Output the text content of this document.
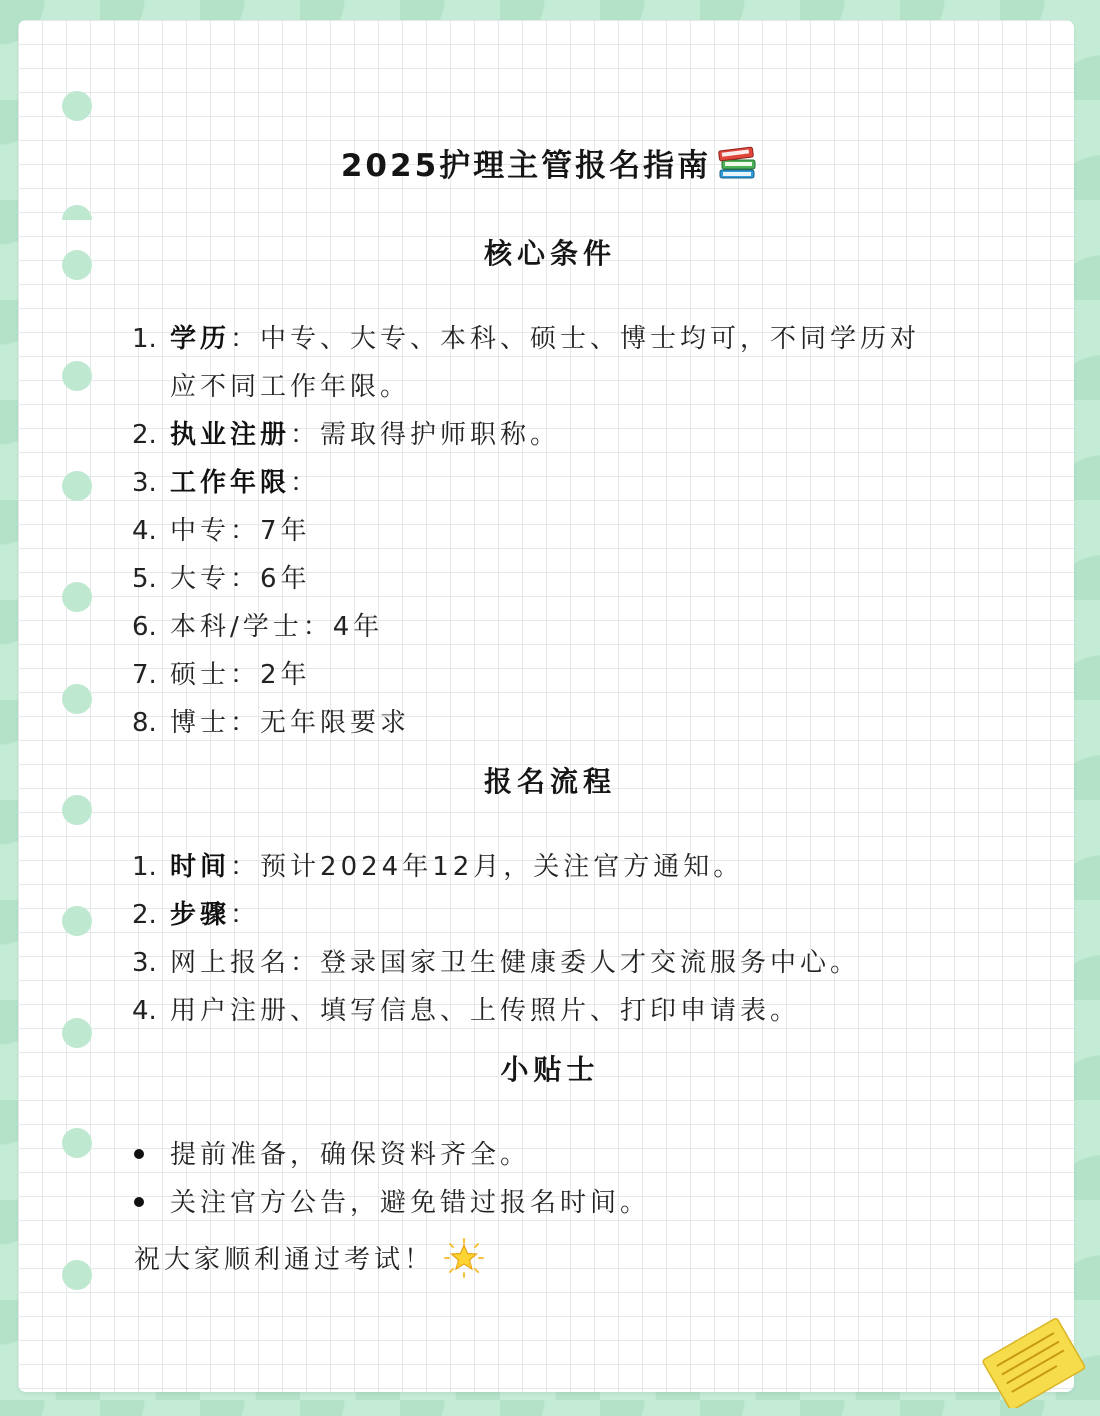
2025护理主管报名指南
核心条件
1. 学历：中专、大专、本科、硕士、博士均可，不同学历对
应不同工作年限。
2. 执业注册：需取得护师职称。
3. 工作年限：
4. 中专：7年
5. 大专：6年
6. 本科/学士：4年
7. 硕士：2年
8. 博士：无年限要求
报名流程
1. 时间：预计2024年12月，关注官方通知。
2. 步骤：
3. 网上报名：登录国家卫生健康委人才交流服务中心。
4. 用户注册、填写信息、上传照片、打印申请表。
小贴士
提前准备，确保资料齐全。
关注官方公告，避免错过报名时间。
祝大家顺利通过考试！
